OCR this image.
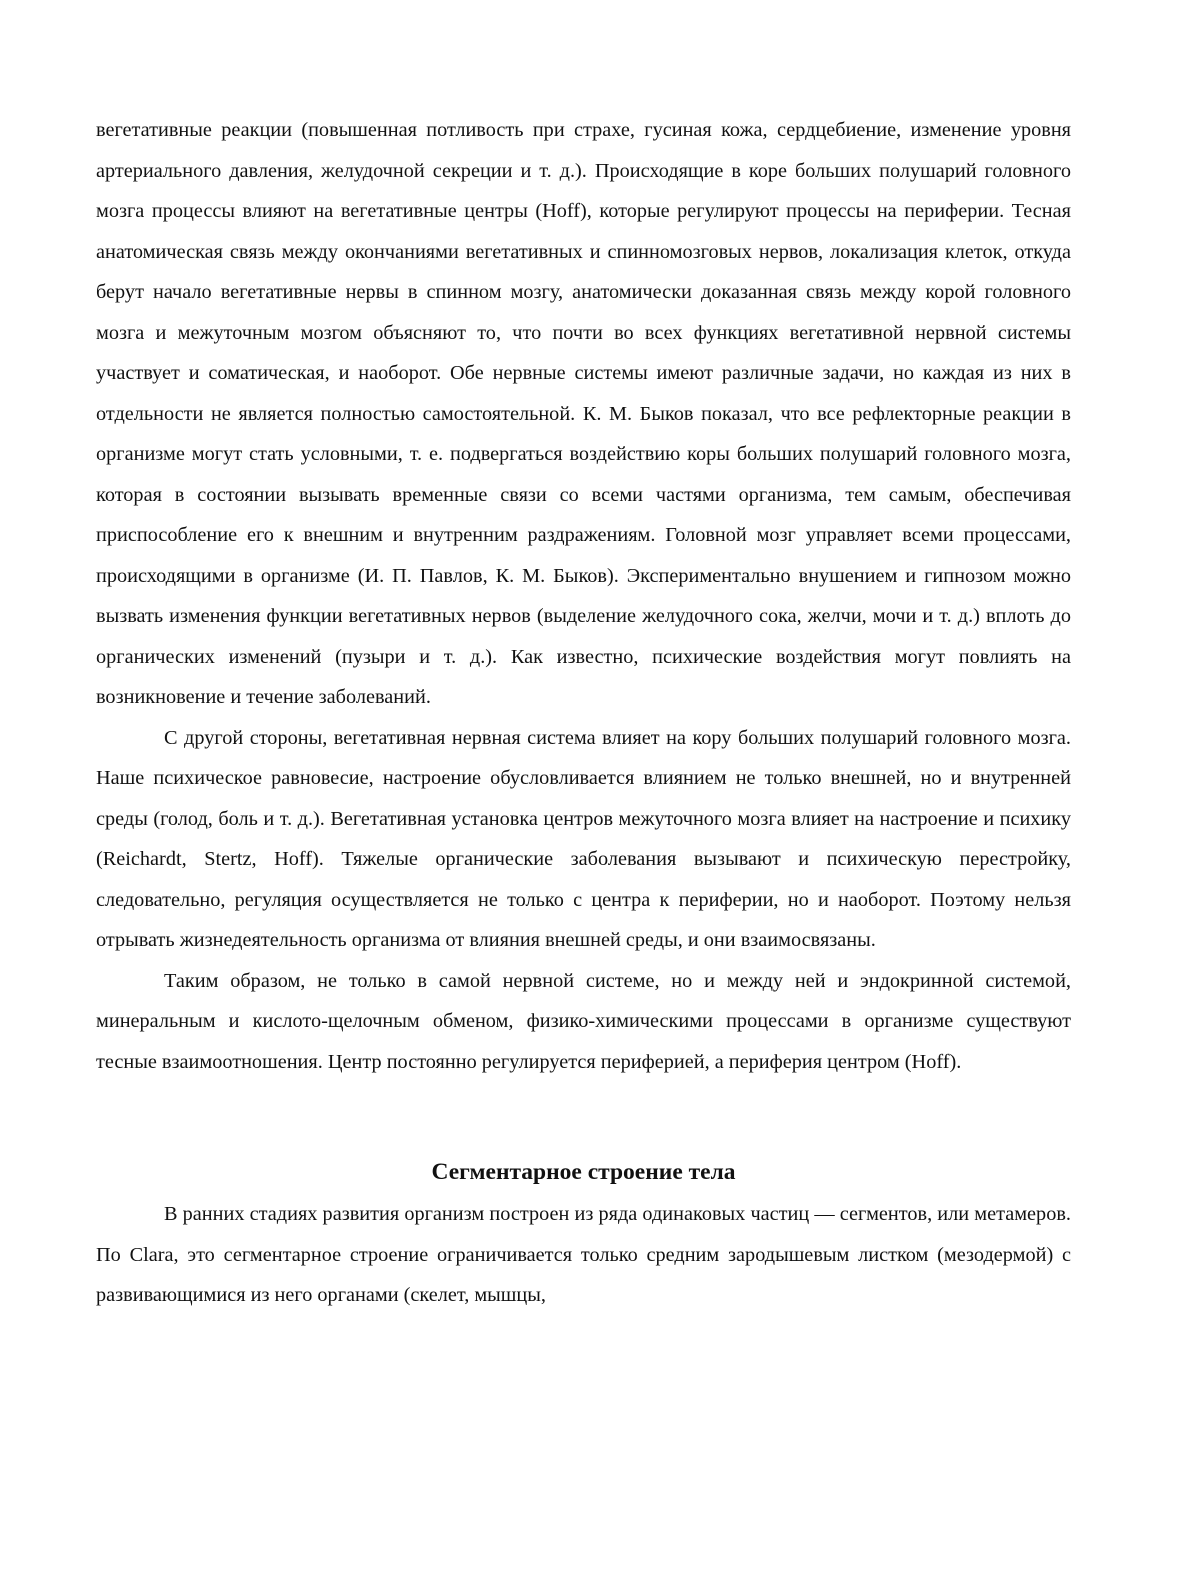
вегетативные реакции (повышенная потливость при страхе, гусиная кожа, сердцебиение, изменение уровня артериального давления, желудочной секреции и т. д.). Происходящие в коре больших полушарий головного мозга процессы влияют на вегетативные центры (Hoff), которые регулируют процессы на периферии. Тесная анатомическая связь между окончаниями вегетативных и спинномозговых нервов, локализация клеток, откуда берут начало вегетативные нервы в спинном мозгу, анатомически доказанная связь между корой головного мозга и межуточным мозгом объясняют то, что почти во всех функциях вегетативной нервной системы участвует и соматическая, и наоборот. Обе нервные системы имеют различные задачи, но каждая из них в отдельности не является полностью самостоятельной. К. М. Быков показал, что все рефлекторные реакции в организме могут стать условными, т. е. подвергаться воздействию коры больших полушарий головного мозга, которая в состоянии вызывать временные связи со всеми частями организма, тем самым, обеспечивая приспособление его к внешним и внутренним раздражениям. Головной мозг управляет всеми процессами, происходящими в организме (И. П. Павлов, К. М. Быков). Экспериментально внушением и гипнозом можно вызвать изменения функции вегетативных нервов (выделение желудочного сока, желчи, мочи и т. д.) вплоть до органических изменений (пузыри и т. д.). Как известно, психические воздействия могут повлиять на возникновение и течение заболеваний.

С другой стороны, вегетативная нервная система влияет на кору больших полушарий головного мозга. Наше психическое равновесие, настроение обусловливается влиянием не только внешней, но и внутренней среды (голод, боль и т. д.). Вегетативная установка центров межуточного мозга влияет на настроение и психику (Reichardt, Stertz, Hoff). Тяжелые органические заболевания вызывают и психическую перестройку, следовательно, регуляция осуществляется не только с центра к периферии, но и наоборот. Поэтому нельзя отрывать жизнедеятельность организма от влияния внешней среды, и они взаимосвязаны.

Таким образом, не только в самой нервной системе, но и между ней и эндокринной системой, минеральным и кислото-щелочным обменом, физико-химическими процессами в организме существуют тесные взаимоотношения. Центр постоянно регулируется периферией, а периферия центром (Hoff).

Сегментарное строение тела

В ранних стадиях развития организм построен из ряда одинаковых частиц — сегментов, или метамеров. По Clara, это сегментарное строение ограничивается только средним зародышевым листком (мезодермой) с развивающимися из него органами (скелет, мышцы,
